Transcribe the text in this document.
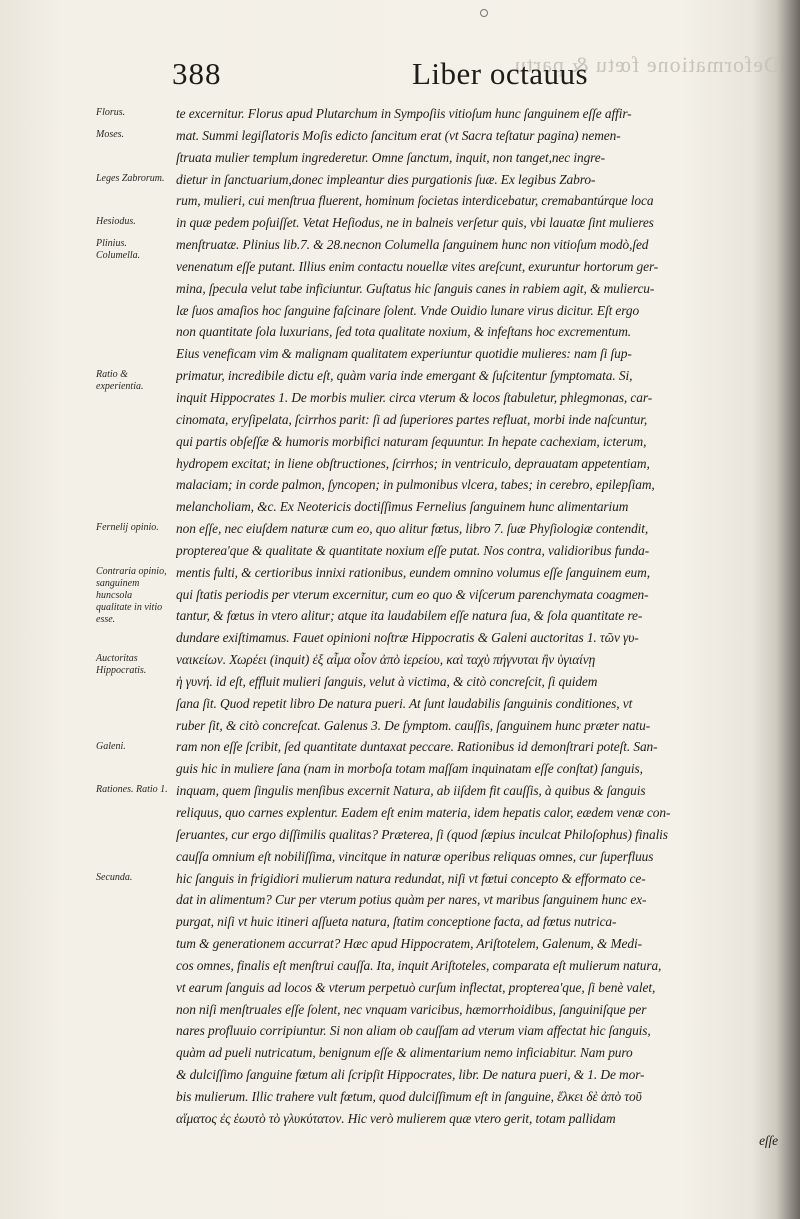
Deformatione fœtu & partu.
388	Liber octauus
Florus.
Moses.
Leges Zabrorum.
Hesiodus.
Plinius. Columella.
Ratio & experientia.
Fernelij opinio.
Contraria opinio, sanguinem huncsola qualitate in vitio esse.
Auctoritas Hippocratis.
Galeni.
Rationes. Ratio 1.
Secunda.
te excernitur. Florus apud Plutarchum in Sympoſiis vitioſum hunc ſanguinem eſſe affir-
mat. Summi legiſlatoris Moſis edicto ſancitum erat (vt Sacra teſtatur pagina) nemen-
ſtruata mulier templum ingrederetur. Omne ſanctum, inquit, non tanget,nec ingre-
dietur in ſanctuarium,donec impleantur dies purgationis ſuæ. Ex legibus Zabro-
rum, mulieri, cui menſtrua fluerent, hominum ſocietas interdicebatur, cremabantúrque loca
in quæ pedem poſuiſſet. Vetat Heſiodus, ne in balneis verſetur quis, vbi lauatæ ſint mulieres
menſtruatæ. Plinius lib.7. & 28.necnon Columella ſanguinem hunc non vitioſum modò,ſed
venenatum eſſe putant. Illius enim contactu nouellæ vites areſcunt, exuruntur hortorum ger-
mina, ſpecula velut tabe inficiuntur. Guſtatus hic ſanguis canes in rabiem agit, & muliercu-
læ ſuos amaſios hoc ſanguine faſcinare ſolent. Vnde Ouidio lunare virus dicitur. Eſt ergo
non quantitate ſola luxurians, ſed tota qualitate noxium, & infeſtans hoc excrementum.
Eius veneficam vim & malignam qualitatem experiuntur quotidie mulieres: nam ſi ſup-
primatur, incredibile dictu eſt, quàm varia inde emergant & ſuſcitentur ſymptomata. Si,
inquit Hippocrates 1. De morbis mulier. circa vterum & locos ſtabuletur, phlegmonas, car-
cinomata, eryſipelata, ſcirrhos parit: ſi ad ſuperiores partes refluat, morbi inde naſcuntur,
qui partis obſeſſæ & humoris morbifici naturam ſequuntur. In hepate cachexiam, icterum,
hydropem excitat; in liene obſtructiones, ſcirrhos; in ventriculo, deprauatam appetentiam,
malaciam; in corde palmon, ſyncopen; in pulmonibus vlcera, tabes; in cerebro, epilepſiam,
melancholiam, &c. Ex Neotericis doctiſſimus Fernelius ſanguinem hunc alimentarium
non eſſe, nec eiuſdem naturæ cum eo, quo alitur fœtus, libro 7. ſuæ Phyſiologiæ contendit,
propterea'que & qualitate & quantitate noxium eſſe putat. Nos contra, validioribus funda-
mentis fulti, & certioribus innixi rationibus, eundem omnino volumus eſſe ſanguinem eum,
qui ſtatis periodis per vterum excernitur, cum eo quo & viſcerum parenchymata coagmen-
tantur, & fœtus in vtero alitur; atque ita laudabilem eſſe natura ſua, & ſola quantitate re-
dundare exiſtimamus. Fauet opinioni noſtræ Hippocratis & Galeni auctoritas 1. τῶν γυ-
ναικείων. Χωρέει (inquit) ἐξ αἷμα οἷον ἀπὸ ἱερείου, καὶ ταχὺ πήγνυται ἢν ὑγιαίνῃ
ἡ γυνή. id eſt, effluit mulieri ſanguis, velut à victima, & citò concreſcit, ſi quidem
ſana ſit. Quod repetit libro De natura pueri. At ſunt laudabilis ſanguinis conditiones, vt
ruber ſit, & citò concreſcat. Galenus 3. De ſymptom. cauſſis, ſanguinem hunc præter natu-
ram non eſſe ſcribit, ſed quantitate duntaxat peccare. Rationibus id demonſtrari poteſt. San-
guis hic in muliere ſana (nam in morboſa totam maſſam inquinatam eſſe conſtat) ſanguis,
inquam, quem ſingulis menſibus excernit Natura, ab iiſdem fit cauſſis, à quibus & ſanguis
reliquus, quo carnes explentur. Eadem eſt enim materia, idem hepatis calor, eædem venæ con-
ſeruantes, cur ergo diſſimilis qualitas? Præterea, ſi (quod ſæpius inculcat Philoſophus) finalis
cauſſa omnium eſt nobiliſſima, vincitque in naturæ operibus reliquas omnes, cur ſuperfluus
hic ſanguis in frigidiori mulierum natura redundat, niſi vt fœtui concepto & efformato ce-
dat in alimentum? Cur per vterum potius quàm per nares, vt maribus ſanguinem hunc ex-
purgat, niſi vt huic itineri aſſueta natura, ſtatim conceptione facta, ad fœtus nutrica-
tum & generationem accurrat? Hæc apud Hippocratem, Ariſtotelem, Galenum, & Medi-
cos omnes, finalis eſt menſtrui cauſſa. Ita, inquit Ariſtoteles, comparata eſt mulierum natura,
vt earum ſanguis ad locos & vterum perpetuò curſum inflectat, propterea'que, ſi benè valet,
non niſi menſtruales eſſe ſolent, nec vnquam varicibus, hæmorrhoidibus, ſanguiniſque per
nares profluuio corripiuntur. Si non aliam ob cauſſam ad vterum viam affectat hic ſanguis,
quàm ad pueli nutricatum, benignum eſſe & alimentarium nemo inficiabitur. Nam puro
& dulciſſimo ſanguine fœtum ali ſcripſit Hippocrates, libr. De natura pueri, & 1. De mor-
bis mulierum. Illic trahere vult fœtum, quod dulciſſimum eſt in ſanguine, ἕλκει δὲ ἀπὸ τοῦ
αἵματος ἐς ἑωυτὸ τὸ γλυκύτατον. Hic verò mulierem quæ vtero gerit, totam pallidam
eſſe
